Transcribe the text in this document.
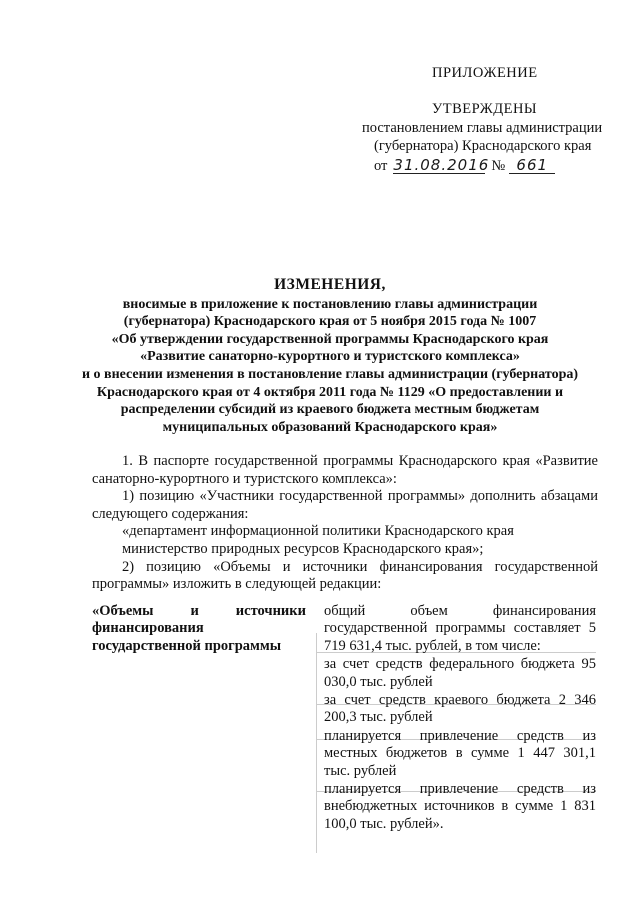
ПРИЛОЖЕНИЕ
УТВЕРЖДЕНЫ
постановлением главы администрации
(губернатора) Краснодарского края
от 31.08.2016 № 661
ИЗМЕНЕНИЯ,
вносимые в приложение к постановлению главы администрации
(губернатора) Краснодарского края от 5 ноября 2015 года № 1007
«Об утверждении государственной программы Краснодарского края
«Развитие санаторно-курортного и туристского комплекса»
и о внесении изменения в постановление главы администрации (губернатора)
Краснодарского края от 4 октября 2011 года № 1129 «О предоставлении и
распределении субсидий из краевого бюджета местным бюджетам
муниципальных образований Краснодарского края»

1. В паспорте государственной программы Краснодарского края «Развитие санаторно-курортного и туристского комплекса»:

1) позицию «Участники государственной программы» дополнить абзацами следующего содержания:

«департамент информационной политики Краснодарского края

министерство природных ресурсов Краснодарского края»;

2) позицию «Объемы и источники финансирования государственной программы» изложить в следующей редакции:

«Объемы и источники финансирования государственной программы

общий объем финансирования государственной программы составляет 5 719 631,4 тыс. рублей, в том числе:

за счет средств федерального бюджета 95 030,0 тыс. рублей

за счет средств краевого бюджета 2 346 200,3 тыс. рублей

планируется привлечение средств из местных бюджетов в сумме 1 447 301,1 тыс. рублей

планируется привлечение средств из внебюджетных источников в сумме 1 831 100,0 тыс. рублей».
